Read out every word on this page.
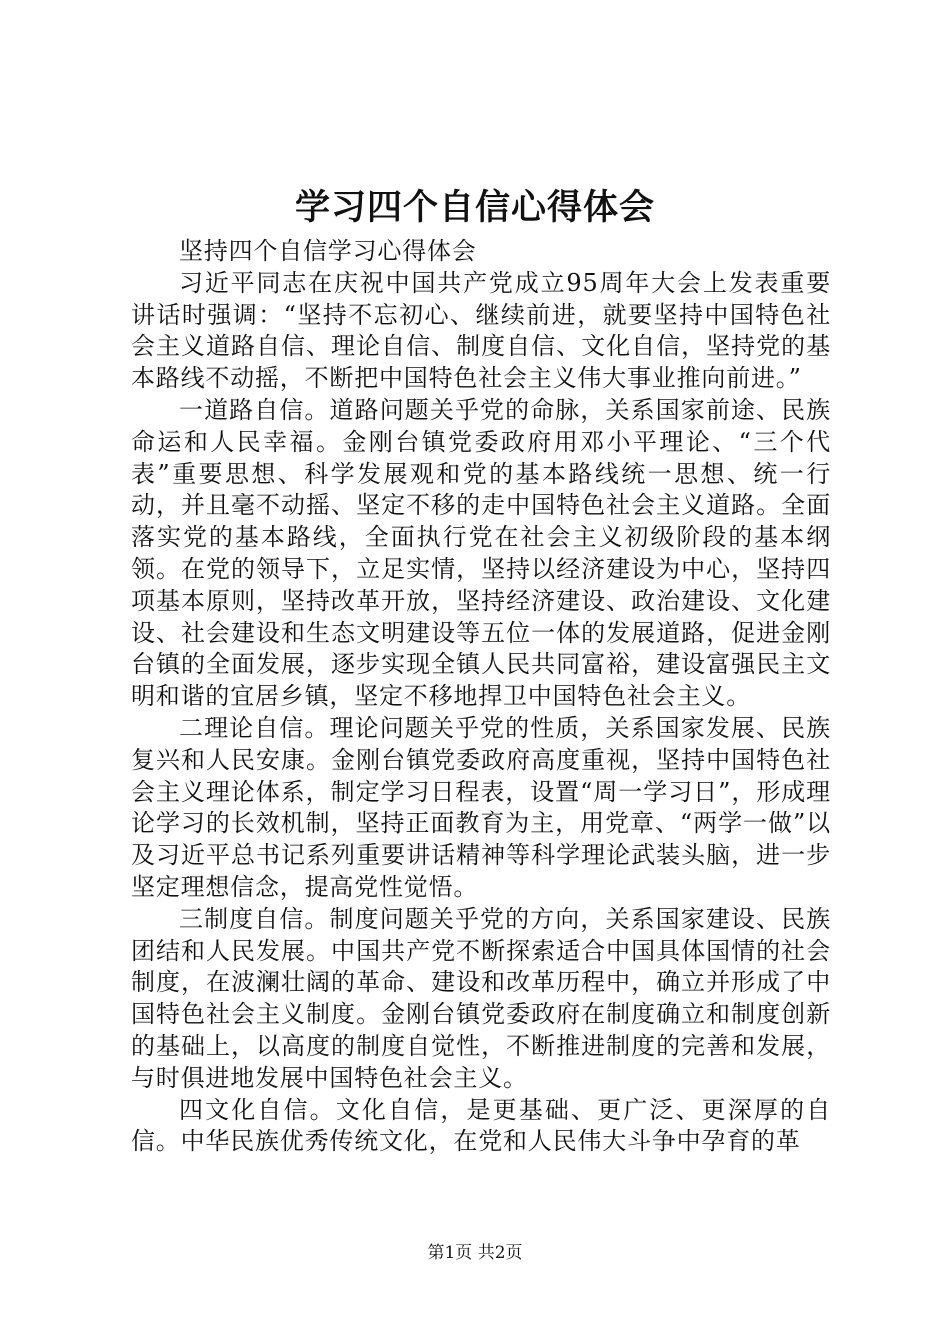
学习四个自信心得体会

坚持四个自信学习心得体会

习近平同志在庆祝中国共产党成立95周年大会上发表重要讲话时强调：“坚持不忘初心、继续前进，就要坚持中国特色社会主义道路自信、理论自信、制度自信、文化自信，坚持党的基本路线不动摇，不断把中国特色社会主义伟大事业推向前进。”

一道路自信。道路问题关乎党的命脉，关系国家前途、民族命运和人民幸福。金刚台镇党委政府用邓小平理论、“三个代表”重要思想、科学发展观和党的基本路线统一思想、统一行动，并且毫不动摇、坚定不移的走中国特色社会主义道路。全面落实党的基本路线，全面执行党在社会主义初级阶段的基本纲领。在党的领导下，立足实情，坚持以经济建设为中心，坚持四项基本原则，坚持改革开放，坚持经济建设、政治建设、文化建设、社会建设和生态文明建设等五位一体的发展道路，促进金刚台镇的全面发展，逐步实现全镇人民共同富裕，建设富强民主文明和谐的宜居乡镇，坚定不移地捍卫中国特色社会主义。

二理论自信。理论问题关乎党的性质，关系国家发展、民族复兴和人民安康。金刚台镇党委政府高度重视，坚持中国特色社会主义理论体系，制定学习日程表，设置“周一学习日”，形成理论学习的长效机制，坚持正面教育为主，用党章、“两学一做”以及习近平总书记系列重要讲话精神等科学理论武装头脑，进一步坚定理想信念，提高党性觉悟。

三制度自信。制度问题关乎党的方向，关系国家建设、民族团结和人民发展。中国共产党不断探索适合中国具体国情的社会制度，在波澜壮阔的革命、建设和改革历程中，确立并形成了中国特色社会主义制度。金刚台镇党委政府在制度确立和制度创新的基础上，以高度的制度自觉性，不断推进制度的完善和发展，与时俱进地发展中国特色社会主义。

四文化自信。文化自信，是更基础、更广泛、更深厚的自信。中华民族优秀传统文化，在党和人民伟大斗争中孕育的革

第1页 共2页
